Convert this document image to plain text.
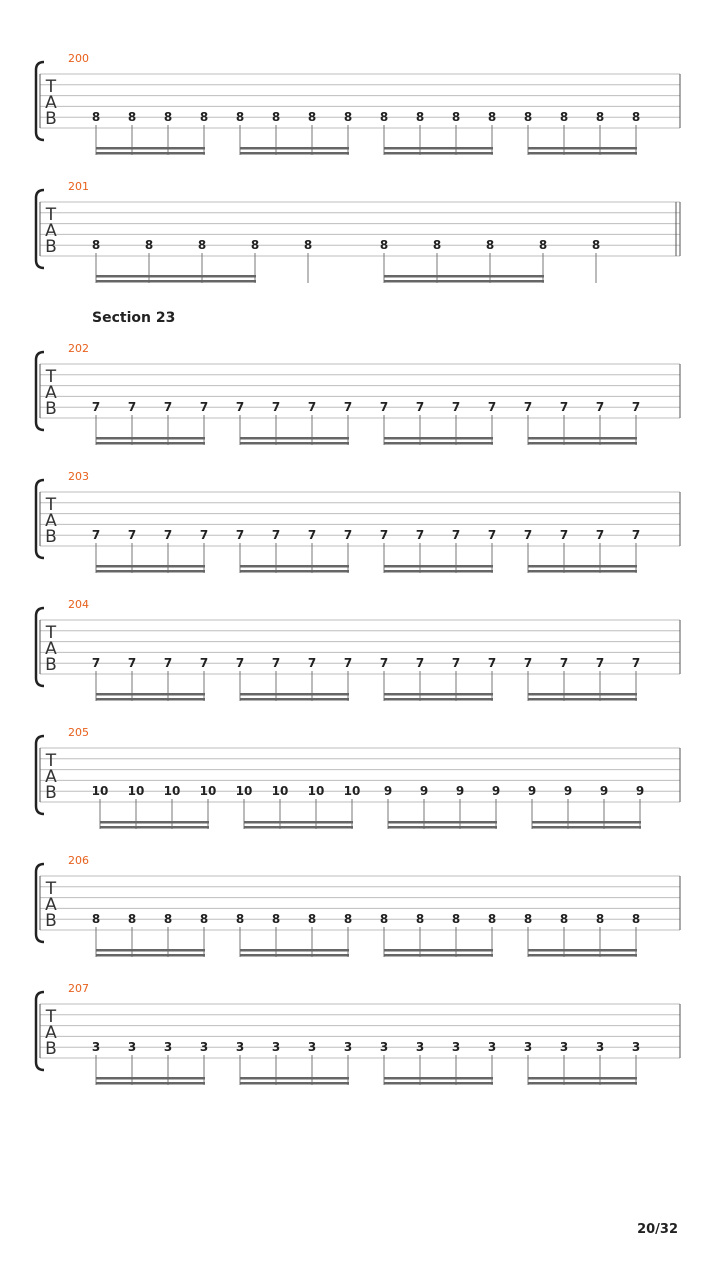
200
T
A
B	8 8 8 8 8 8 8 8 8 8 8 8 8 8 8 8
201
T
A
B	8	8	8	8	8	8	8	8	8	8
202
T
A
B	7 7 7 7 7 7 7 7 7 7 7 7 7 7 7 7
203
T
A
B	7 7 7 7 7 7 7 7 7 7 7 7 7 7 7 7
204
T
A
B	7 7 7 7 7 7 7 7 7 7 7 7 7 7 7 7
205
T
A
B	10 10 10 10 10 10 10 10 9 9 9 9 9 9 9 9
206
T
A
B	8 8 8 8 8 8 8 8 8 8 8 8 8 8 8 8
207
T
A
B	3 3 3 3 3 3 3 3 3 3 3 3 3 3 3 3
Section 23
20/32
